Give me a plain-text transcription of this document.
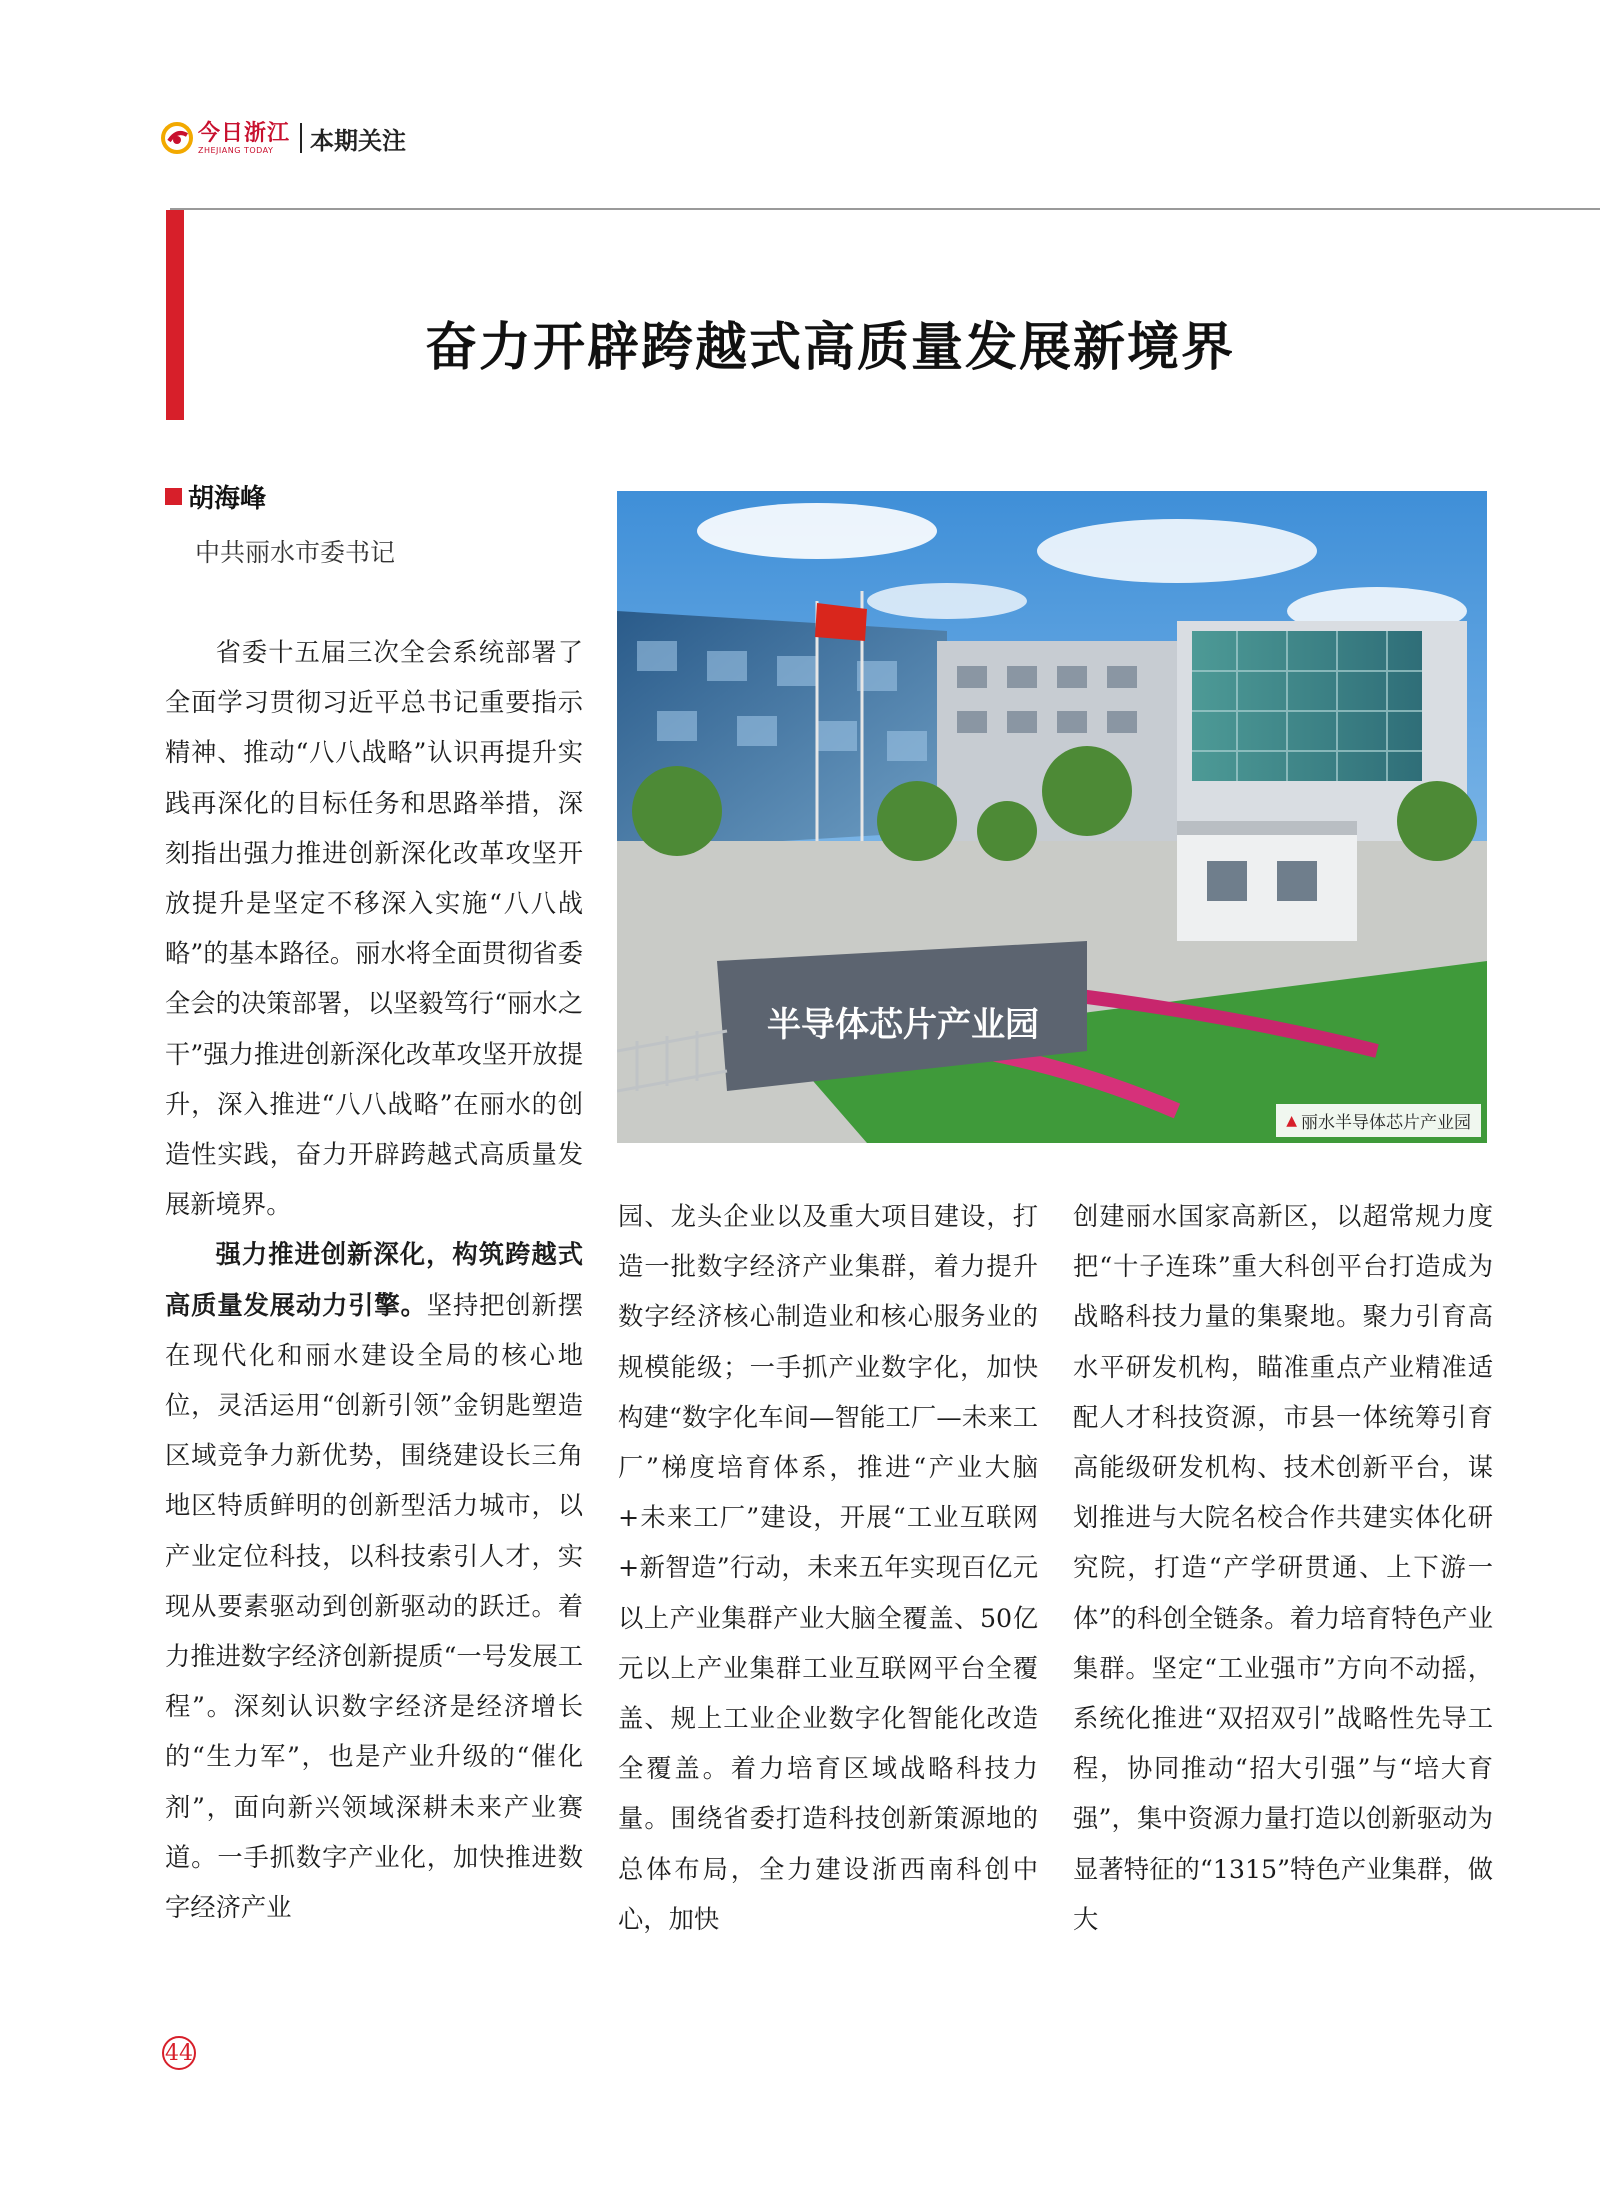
今日浙江
ZHEJIANG TODAY	本期关注
奋力开辟跨越式高质量发展新境界
胡海峰
中共丽水市委书记

省委十五届三次全会系统部署了全面学习贯彻习近平总书记重要指示精神、推动“八八战略”认识再提升实践再深化的目标任务和思路举措，深刻指出强力推进创新深化改革攻坚开放提升是坚定不移深入实施“八八战略”的基本路径。丽水将全面贯彻省委全会的决策部署，以坚毅笃行“丽水之干”强力推进创新深化改革攻坚开放提升，深入推进“八八战略”在丽水的创造性实践，奋力开辟跨越式高质量发展新境界。

强力推进创新深化，构筑跨越式高质量发展动力引擎。坚持把创新摆在现代化和丽水建设全局的核心地位，灵活运用“创新引领”金钥匙塑造区域竞争力新优势，围绕建设长三角地区特质鲜明的创新型活力城市，以产业定位科技，以科技索引人才，实现从要素驱动到创新驱动的跃迁。着力推进数字经济创新提质“一号发展工程”。深刻认识数字经济是经济增长的“生力军”，也是产业升级的“催化剂”，面向新兴领域深耕未来产业赛道。一手抓数字产业化，加快推进数字经济产业

半导体芯片产业园
▲ 丽水半导体芯片产业园
园、龙头企业以及重大项目建设，打造一批数字经济产业集群，着力提升数字经济核心制造业和核心服务业的规模能级；一手抓产业数字化，加快构建“数字化车间—智能工厂—未来工厂”梯度培育体系，推进“产业大脑+未来工厂”建设，开展“工业互联网+新智造”行动，未来五年实现百亿元以上产业集群产业大脑全覆盖、50亿元以上产业集群工业互联网平台全覆盖、规上工业企业数字化智能化改造全覆盖。着力培育区域战略科技力量。围绕省委打造科技创新策源地的总体布局，全力建设浙西南科创中心，加快
创建丽水国家高新区，以超常规力度把“十子连珠”重大科创平台打造成为战略科技力量的集聚地。聚力引育高水平研发机构，瞄准重点产业精准适配人才科技资源，市县一体统筹引育高能级研发机构、技术创新平台，谋划推进与大院名校合作共建实体化研究院，打造“产学研贯通、上下游一体”的科创全链条。着力培育特色产业集群。坚定“工业强市”方向不动摇，系统化推进“双招双引”战略性先导工程，协同推动“招大引强”与“培大育强”，集中资源力量打造以创新驱动为显著特征的“1315”特色产业集群，做大
44
